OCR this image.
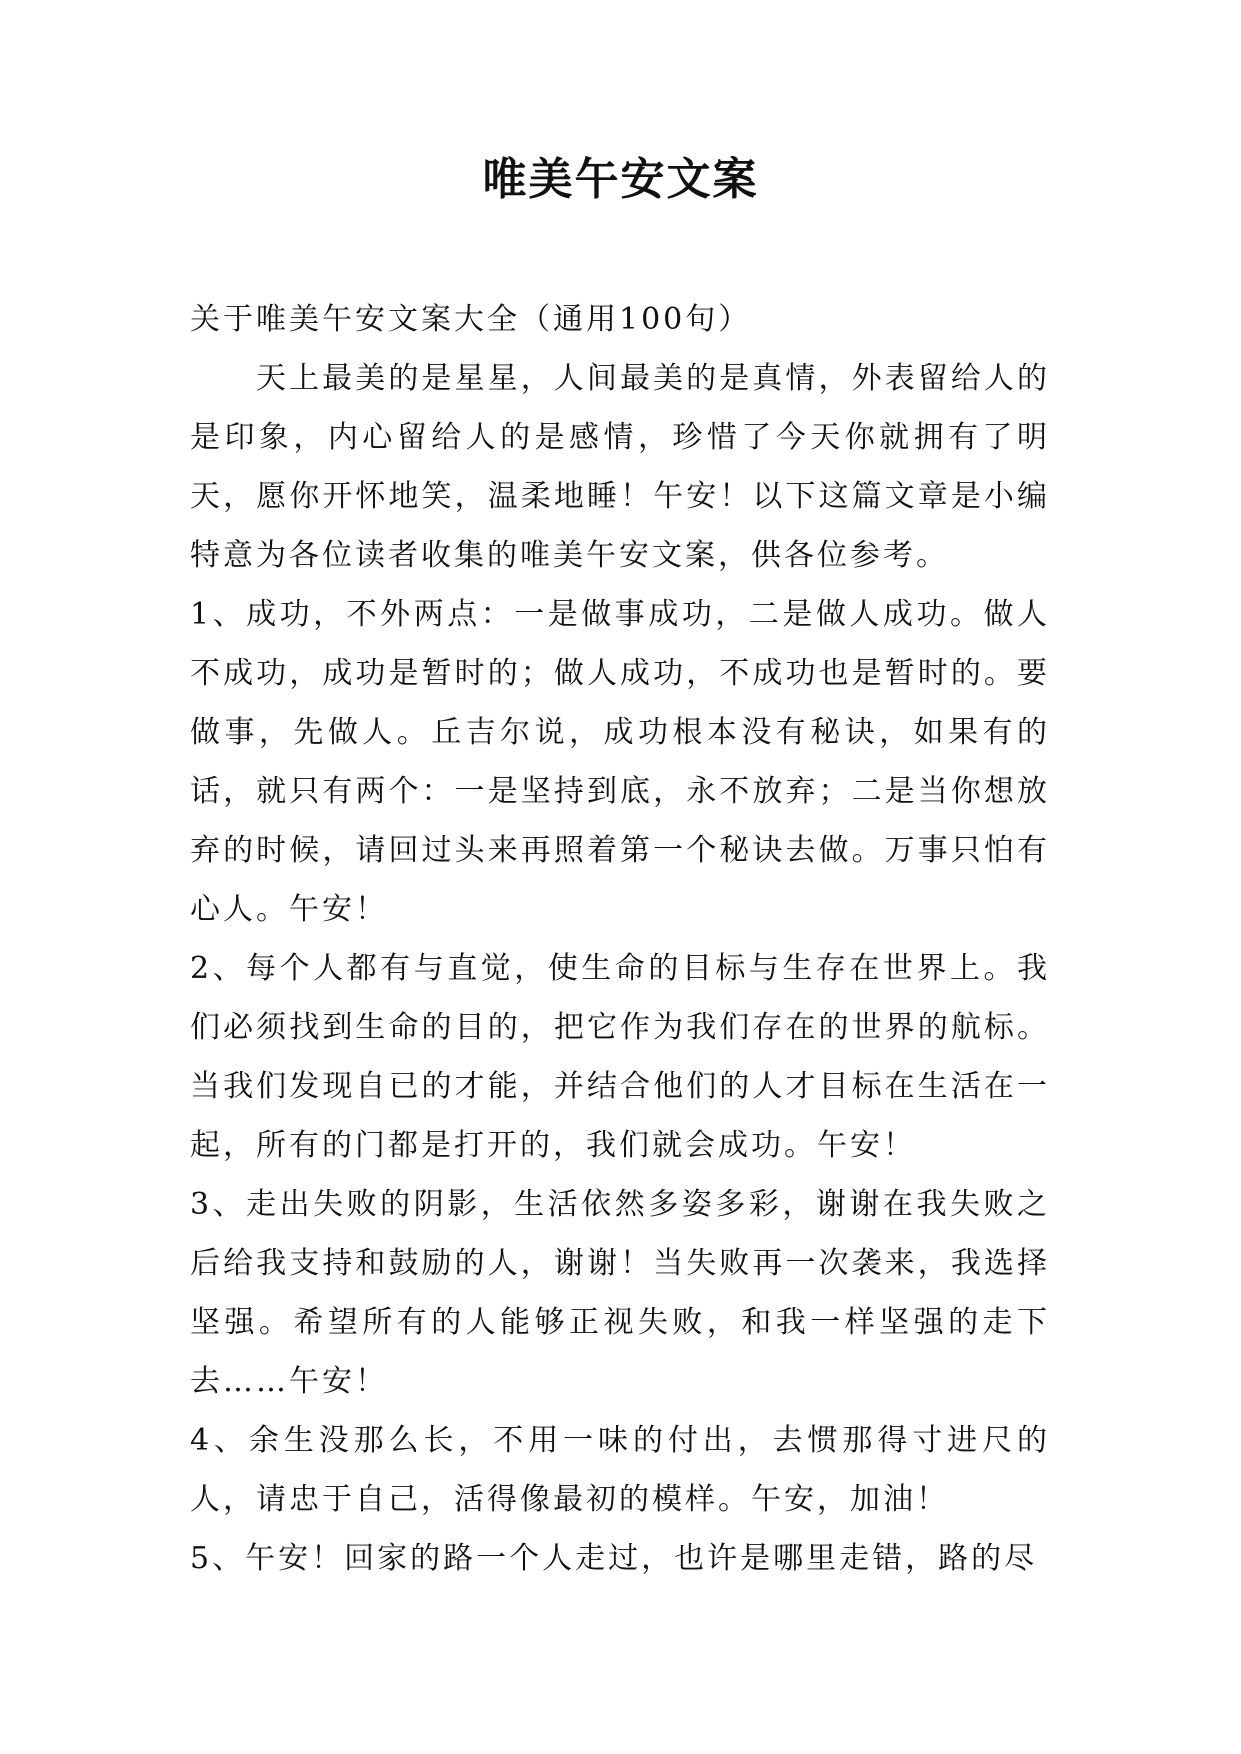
唯美午安文案

关于唯美午安文案大全（通用100句）

天上最美的是星星，人间最美的是真情，外表留给人的是印象，内心留给人的是感情，珍惜了今天你就拥有了明天，愿你开怀地笑，温柔地睡！午安！以下这篇文章是小编特意为各位读者收集的唯美午安文案，供各位参考。

1、成功，不外两点：一是做事成功，二是做人成功。做人不成功，成功是暂时的；做人成功，不成功也是暂时的。要做事，先做人。丘吉尔说，成功根本没有秘诀，如果有的话，就只有两个：一是坚持到底，永不放弃；二是当你想放弃的时候，请回过头来再照着第一个秘诀去做。万事只怕有心人。午安！

2、每个人都有与直觉，使生命的目标与生存在世界上。我们必须找到生命的目的，把它作为我们存在的世界的航标。当我们发现自已的才能，并结合他们的人才目标在生活在一起，所有的门都是打开的，我们就会成功。午安！

3、走出失败的阴影，生活依然多姿多彩，谢谢在我失败之后给我支持和鼓励的人，谢谢！当失败再一次袭来，我选择坚强。希望所有的人能够正视失败，和我一样坚强的走下去……午安！

4、余生没那么长，不用一味的付出，去惯那得寸进尺的人，请忠于自己，活得像最初的模样。午安，加油！

5、午安！回家的路一个人走过，也许是哪里走错，路的尽
